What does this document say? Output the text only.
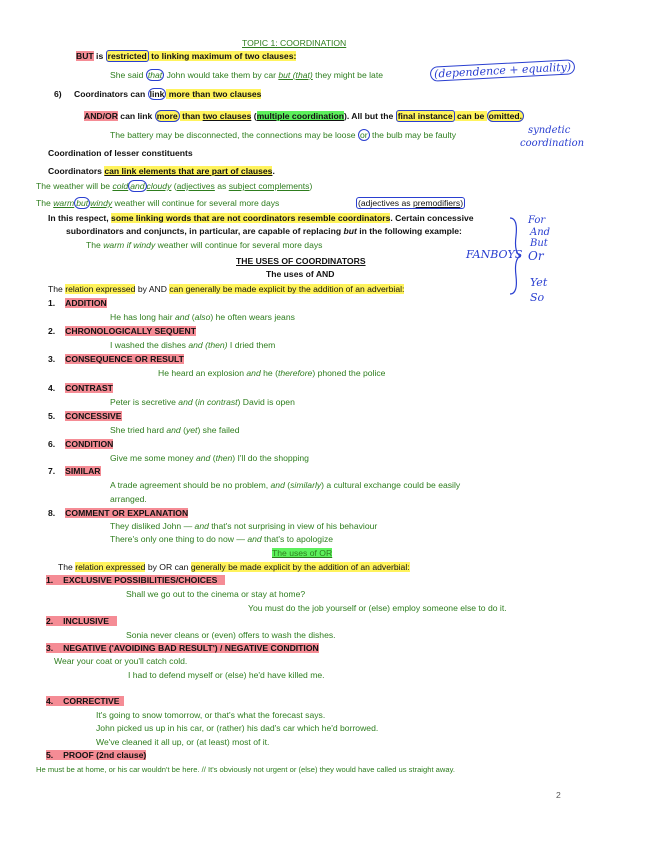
TOPIC 1: COORDINATION
BUT is restricted to linking maximum of two clauses:
She said that John would take them by car but (that) they might be late	(dependence + equality)
6) Coordinators can link more than two clauses
AND/OR can link more than two clauses (multiple coordination). All but the final instance can be omitted.
The battery may be disconnected, the connections may be loose or the bulb may be faulty	syndetic
coordination
Coordination of lesser constituents
Coordinators can link elements that are part of clauses.
The weather will be cold and cloudy (adjectives as subject complements)
The warm but windy weather will continue for several more days	(adjectives as premodifiers)
In this respect, some linking words that are not coordinators resemble coordinators. Certain concessive
subordinators and conjuncts, in particular, are capable of replacing but in the following example:
The warm if windy weather will continue for several more days
FANBOYS
For
And
But
Or
Yet
So
THE USES OF COORDINATORS
The uses of AND
The relation expressed by AND can generally be made explicit by the addition of an adverbial:
1. ADDITION
He has long hair and (also) he often wears jeans
2. CHRONOLOGICALLY SEQUENT
I washed the dishes and (then) I dried them
3. CONSEQUENCE OR RESULT
He heard an explosion and he (therefore) phoned the police
4. CONTRAST
Peter is secretive and (in contrast) David is open
5. CONCESSIVE
She tried hard and (yet) she failed
6. CONDITION
Give me some money and (then) I'll do the shopping
7. SIMILAR
A trade agreement should be no problem, and (similarly) a cultural exchange could be easily
arranged.
8. COMMENT OR EXPLANATION
They disliked John — and that's not surprising in view of his behaviour
There's only one thing to do now — and that's to apologize
The uses of OR
The relation expressed by OR can generally be made explicit by the addition of an adverbial:
1. EXCLUSIVE POSSIBILITIES/CHOICES
Shall we go out to the cinema or stay at home?
You must do the job yourself or (else) employ someone else to do it.
2. INCLUSIVE
Sonia never cleans or (even) offers to wash the dishes.
3. NEGATIVE ('AVOIDING BAD RESULT') / NEGATIVE CONDITION
Wear your coat or you'll catch cold.
I had to defend myself or (else) he'd have killed me.
4. CORRECTIVE
It's going to snow tomorrow, or that's what the forecast says.
John picked us up in his car, or (rather) his dad's car which he'd borrowed.
We've cleaned it all up, or (at least) most of it.
5. PROOF (2nd clause)
He must be at home, or his car wouldn't be here. // It's obviously not urgent or (else) they would have called us straight away.
2
